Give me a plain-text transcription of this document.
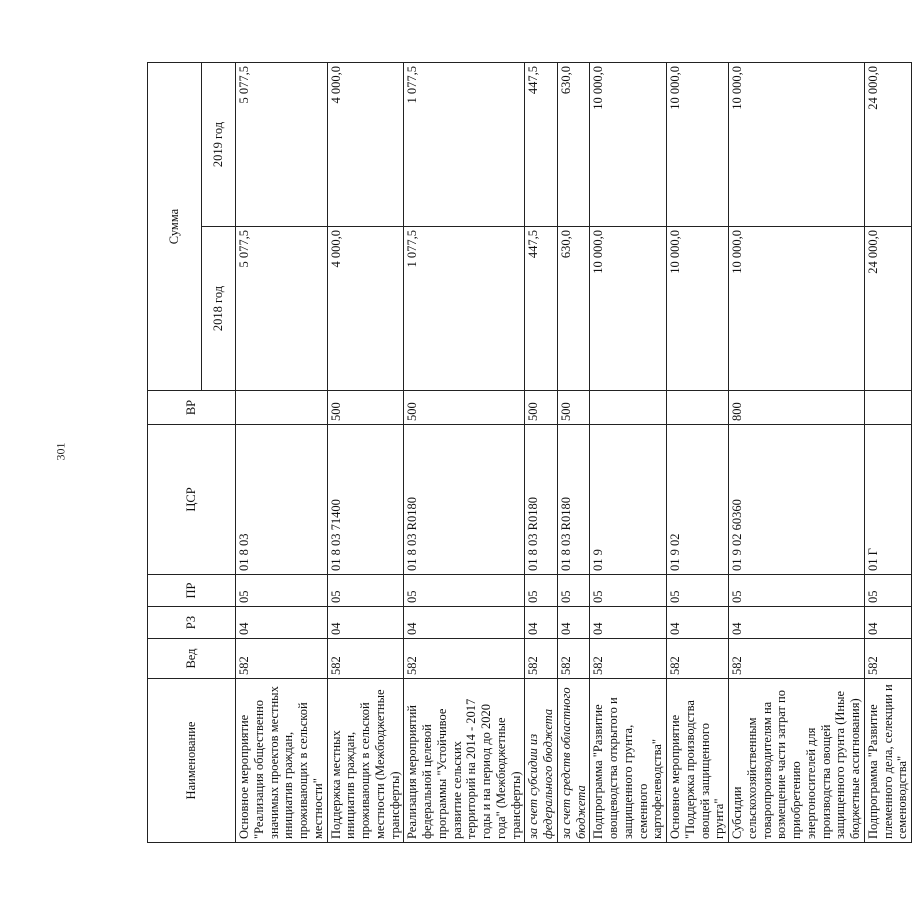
301
Наименование	Вед	РЗ	ПР	ЦСР	ВР	Сумма	
						2018 год	2019 год
Основное мероприятие "Реализация общественно значимых проектов местных инициатив граждан, проживающих в сельской местности"	582	04	05	01 8 03		5 077,5	5 077,5
Поддержка местных инициатив граждан, проживающих в сельской местности (Межбюджетные трансферты)	582	04	05	01 8 03 71400	500	4 000,0	4 000,0
Реализация мероприятий федеральной целевой программы "Устойчивое развитие сельских территорий на 2014 - 2017 годы и на период до 2020 года" (Межбюджетные трансферты)	582	04	05	01 8 03 R0180	500	1 077,5	1 077,5
за счет субсидии из федерального бюджета	582	04	05	01 8 03 R0180	500	447,5	447,5
за счет средств областного бюджета	582	04	05	01 8 03 R0180	500	630,0	630,0
Подпрограмма "Развитие овощеводства открытого и защищенного грунта, семенного картофелеводства"	582	04	05	01 9		10 000,0	10 000,0
Основное мероприятие "Поддержка производства овощей защищенного грунта"	582	04	05	01 9 02		10 000,0	10 000,0
Субсидии сельскохозяйственным товаропроизводителям на возмещение части затрат по приобретению энергоносителей для производства овощей защищенного грунта (Иные бюджетные ассигнования)	582	04	05	01 9 02 60360	800	10 000,0	10 000,0
Подпрограмма "Развитие племенного дела, селекции и семеноводства"	582	04	05	01 Г		24 000,0	24 000,0
